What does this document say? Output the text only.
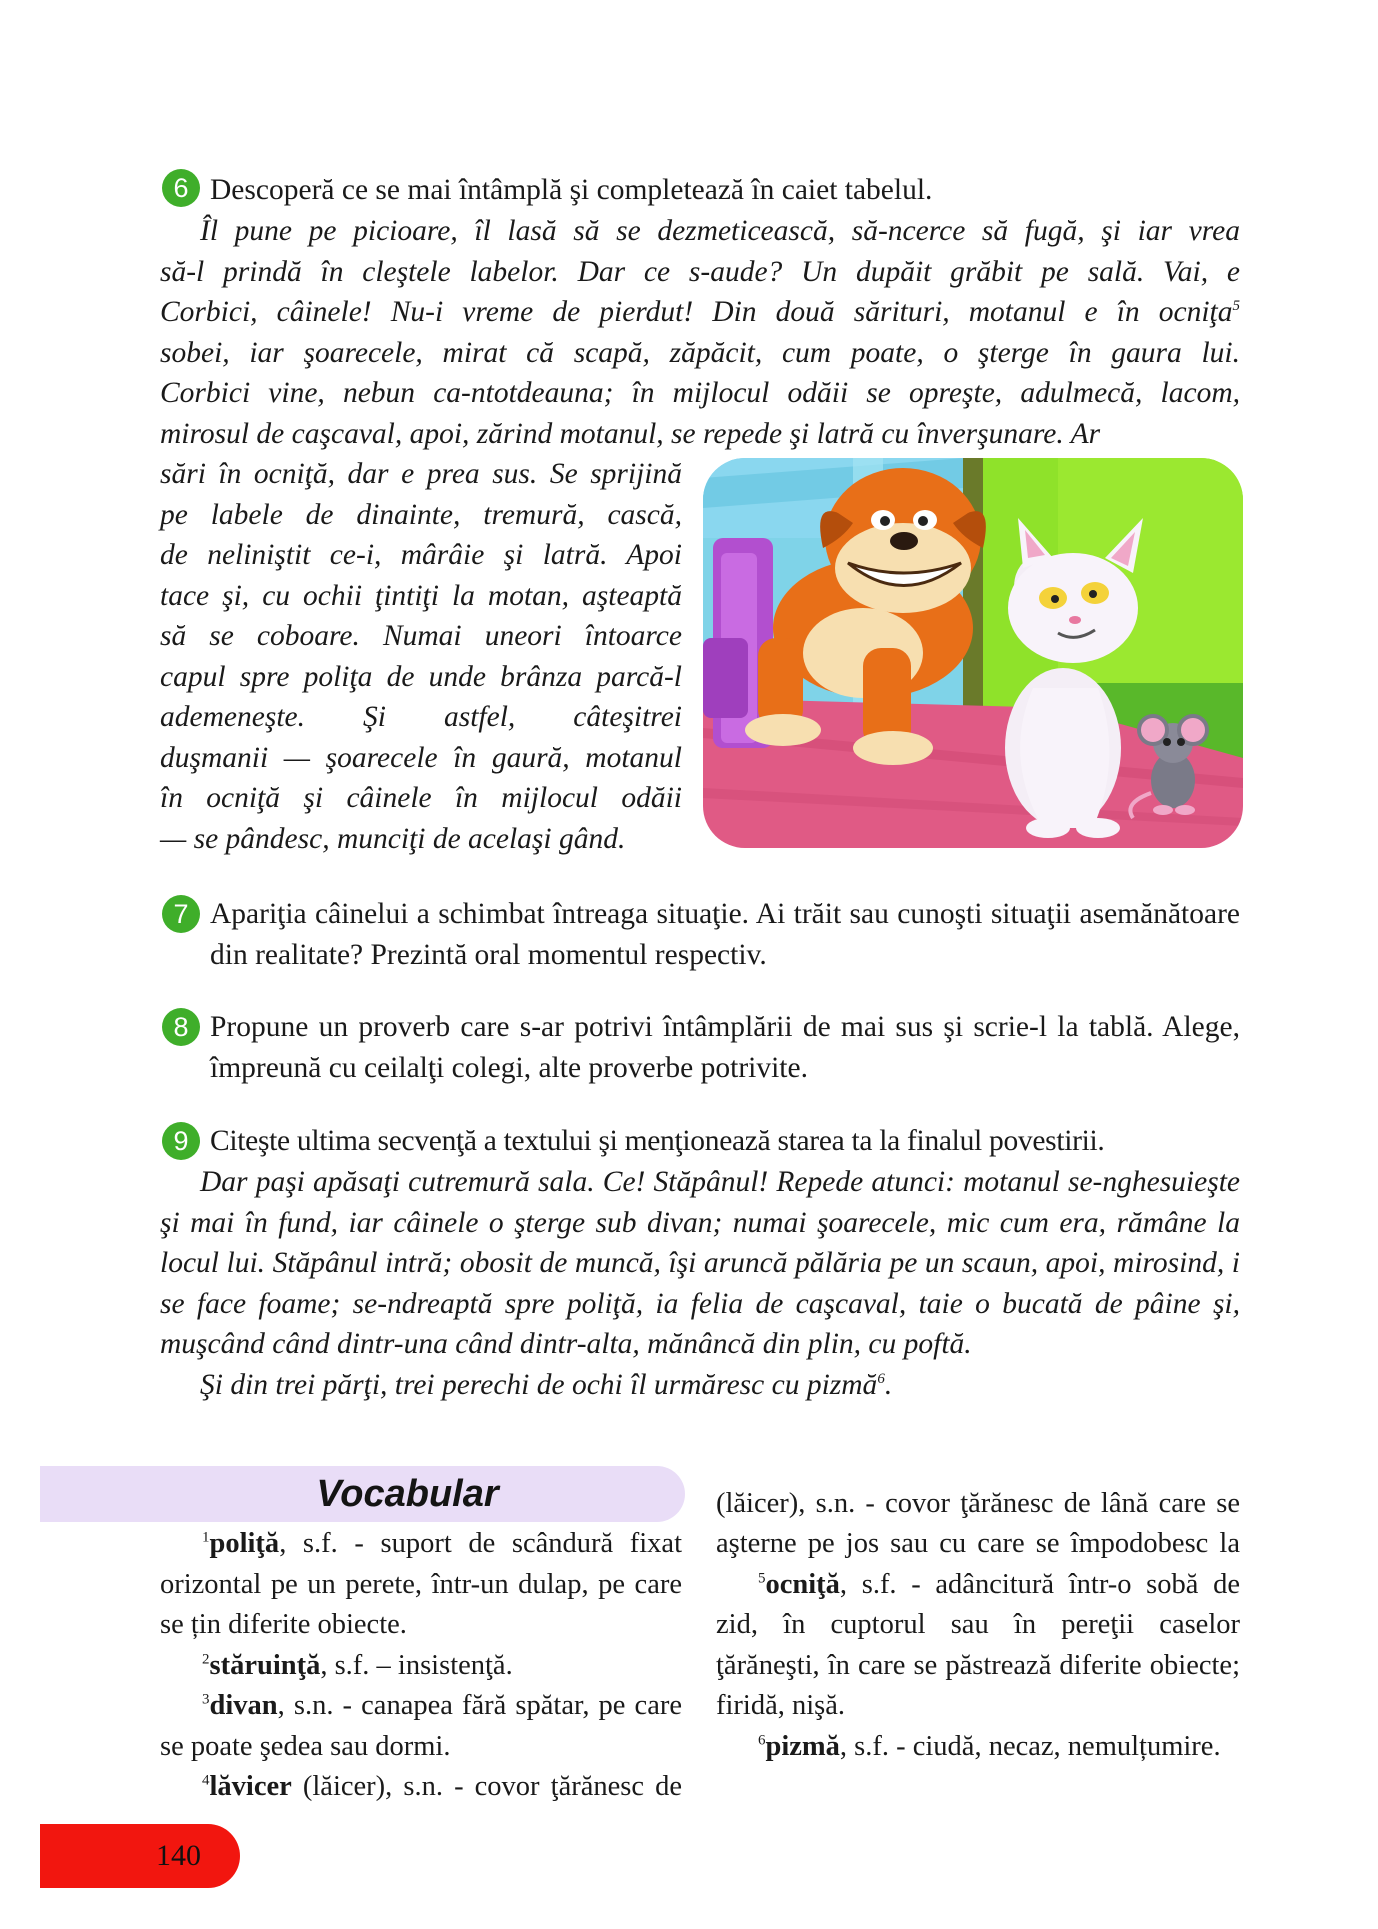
6 Descoperă ce se mai întâmplă şi completează în caiet tabelul.
Îl pune pe picioare, îl lasă să se dezmeticească, să-ncerce să fugă, şi iar vrea
să-l prindă în cleştele labelor. Dar ce s-aude? Un dupăit grăbit pe sală. Vai, e
Corbici, câinele! Nu-i vreme de pierdut! Din două sărituri, motanul e în ocniţa$^5$
sobei, iar şoarecele, mirat că scapă, zăpăcit, cum poate, o şterge în gaura lui.
Corbici vine, nebun ca-ntotdeauna; în mijlocul odăii se opreşte, adulmecă, lacom,
mirosul de caşcaval, apoi, zărind motanul, se repede şi latră cu înverşunare. Ar
sări în ocniţă, dar e prea sus. Se sprijină
pe labele de dinainte, tremură, cască,
de neliniştit ce-i, mârâie şi latră. Apoi
tace şi, cu ochii ţintiţi la motan, aşteaptă
să se coboare. Numai uneori întoarce
capul spre poliţa de unde brânza parcă-l
ademeneşte. Şi astfel, câteşitrei
duşmanii — şoarecele în gaură, motanul
în ocniţă şi câinele în mijlocul odăii
— se pândesc, munciţi de acelaşi gând.
7 Apariţia câinelui a schimbat întreaga situaţie. Ai trăit sau cunoşti situaţii asemănătoare din realitate? Prezintă oral momentul respectiv.
8 Propune un proverb care s-ar potrivi întâmplării de mai sus şi scrie-l la tablă. Alege, împreună cu ceilalţi colegi, alte proverbe potrivite.
9 Citeşte ultima secvenţă a textului şi menţionează starea ta la finalul povestirii.
Dar paşi apăsaţi cutremură sala. Ce! Stăpânul! Repede atunci: motanul se-nghesuieşte şi mai în fund, iar câinele o şterge sub divan; numai şoarecele, mic cum era, rămâne la locul lui. Stăpânul intră; obosit de muncă, îşi aruncă pălăria pe un scaun, apoi, mirosind, i se face foame; se-ndreaptă spre poliţă, ia felia de caşcaval, taie o bucată de pâine şi, muşcând când dintr-una când dintr-alta, mănâncă din plin, cu poftă.
Şi din trei părţi, trei perechi de ochi îl urmăresc cu pizmă$^6$.
Vocabular

$^1$poliţă, s.f. - suport de scândură fixat orizontal pe un perete, într-un dulap, pe care se țin diferite obiecte.

$^2$stăruinţă, s.f. – insistenţă.

$^3$divan, s.n. - canapea fără spătar, pe care se poate şedea sau dormi.

$^4$lăvicer (lăicer), s.n. - covor ţărănesc de

(lăicer), s.n. - covor ţărănesc de lână care se aşterne pe jos sau cu care se împodobesc la

$^5$ocniţă, s.f. - adâncitură într-o sobă de zid, în cuptorul sau în pereţii caselor ţărăneşti, în care se păstrează diferite obiecte; firidă, nişă.

$^6$pizmă, s.f. - ciudă, necaz, nemulțumire.

140
